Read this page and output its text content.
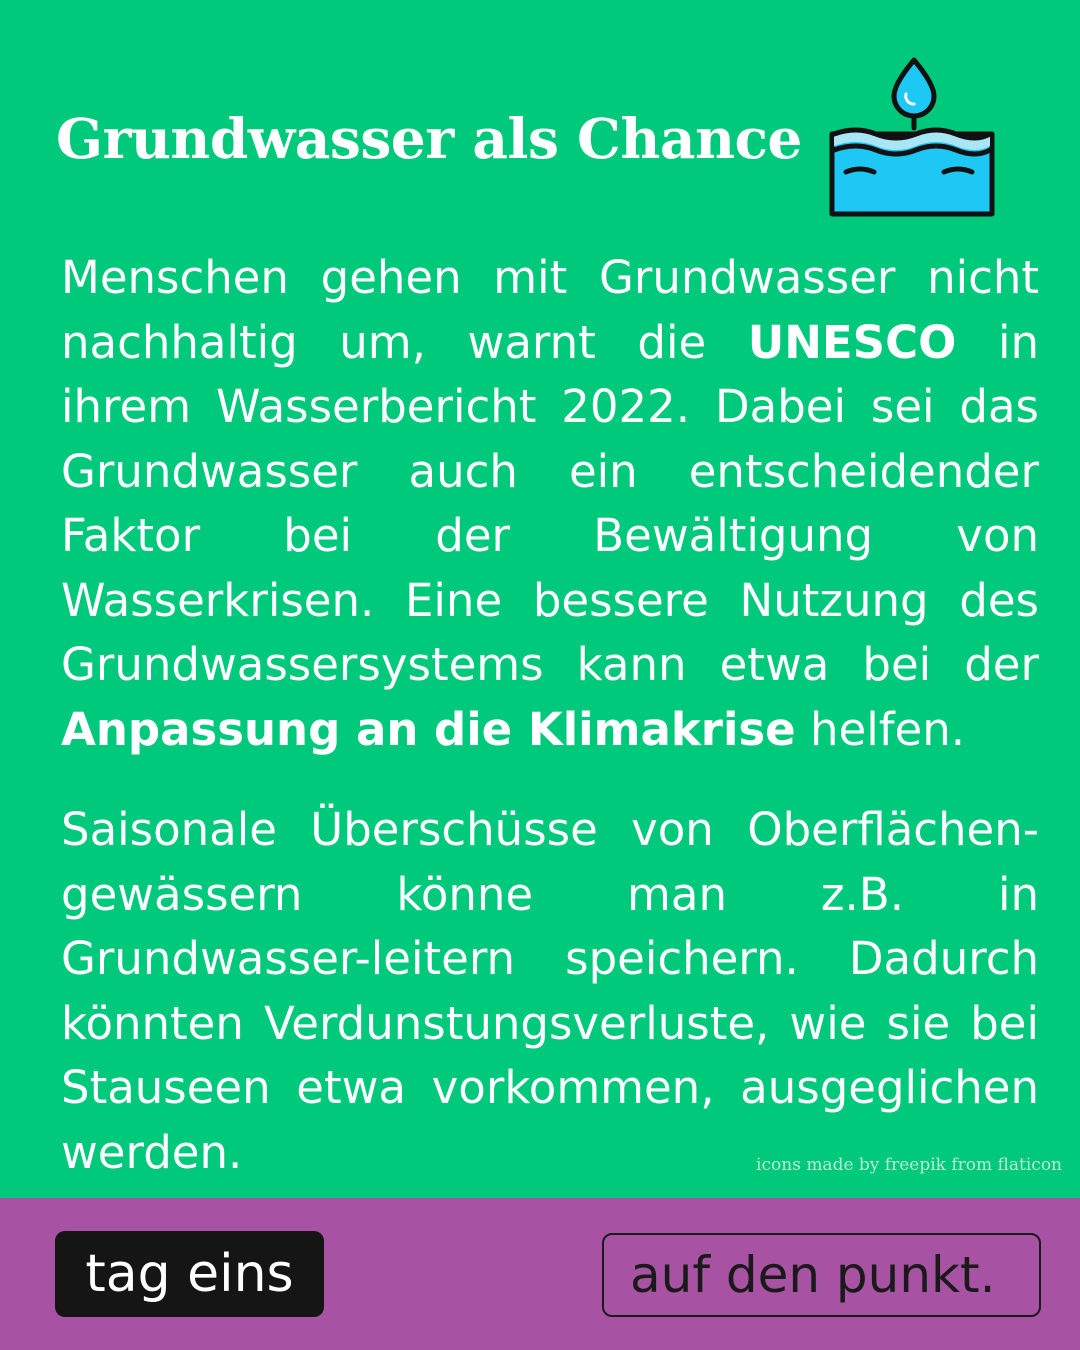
Grundwasser als Chance

Menschen gehen mit Grundwasser nicht nachhaltig um, warnt die UNESCO in ihrem Wasserbericht 2022. Dabei sei das Grundwasser auch ein entscheidender Faktor bei der Bewältigung von Wasserkrisen. Eine bessere Nutzung des Grundwassersystems kann etwa bei der Anpassung an die Klimakrise helfen.

Saisonale Überschüsse von Oberflächen-gewässern könne man z.B. in Grundwasser-leitern speichern. Dadurch könnten Verdunstungsverluste, wie sie bei Stauseen etwa vorkommen, ausgeglichen werden.	icons made by freepik from flaticon
tag eins	auf den punkt.
